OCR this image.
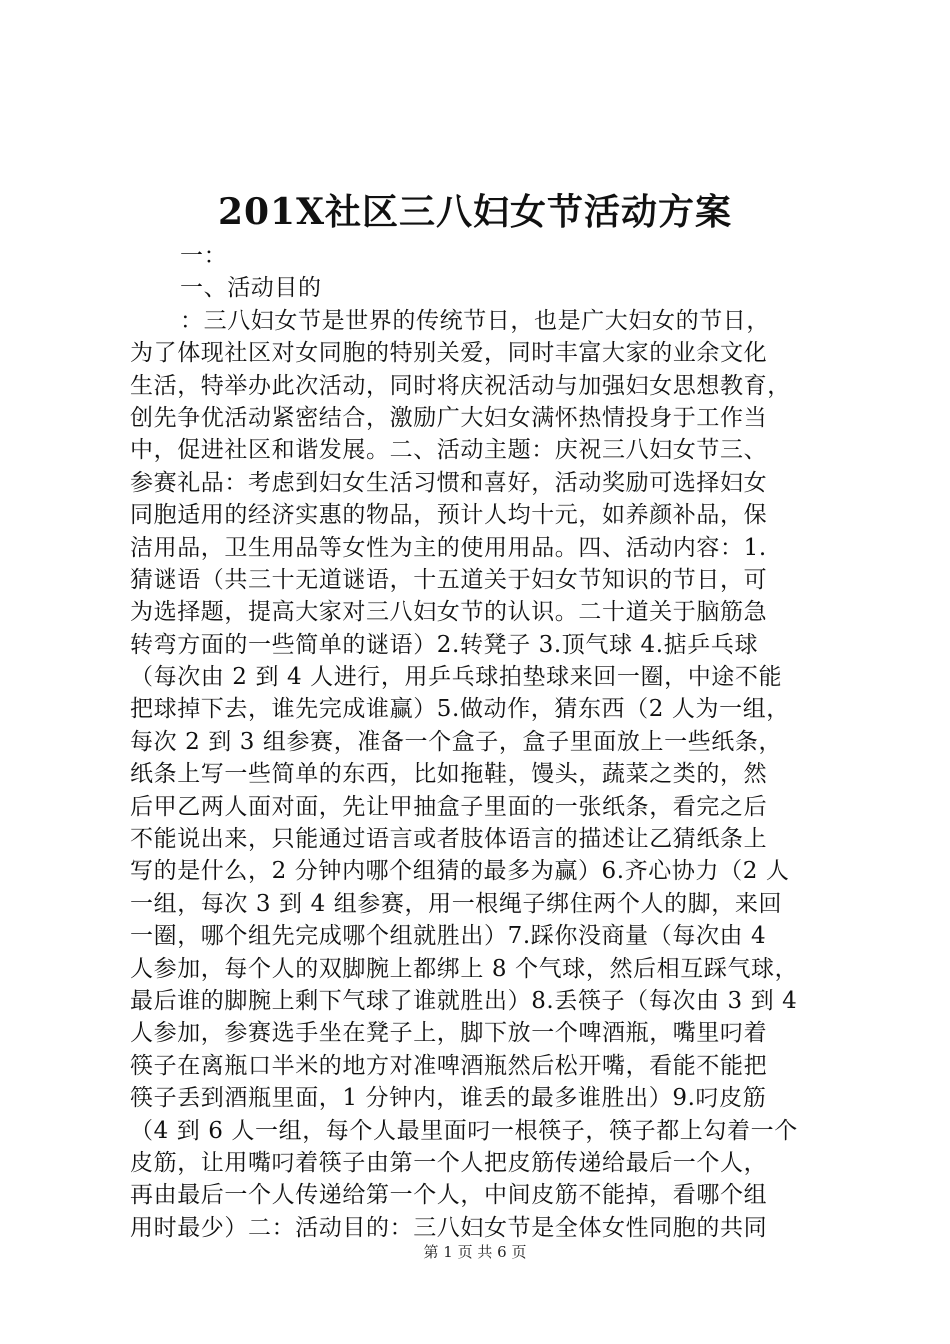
201X社区三八妇女节活动方案
一：
一、活动目的
：三八妇女节是世界的传统节日，也是广大妇女的节日，
为了体现社区对女同胞的特别关爱，同时丰富大家的业余文化
生活，特举办此次活动，同时将庆祝活动与加强妇女思想教育，
创先争优活动紧密结合，激励广大妇女满怀热情投身于工作当
中，促进社区和谐发展。二、活动主题：庆祝三八妇女节三、
参赛礼品：考虑到妇女生活习惯和喜好，活动奖励可选择妇女
同胞适用的经济实惠的物品，预计人均十元，如养颜补品，保
洁用品，卫生用品等女性为主的使用用品。四、活动内容：1.
猜谜语（共三十无道谜语，十五道关于妇女节知识的节日，可
为选择题，提高大家对三八妇女节的认识。二十道关于脑筋急
转弯方面的一些简单的谜语）2.转凳子 3.顶气球 4.掂乒乓球
（每次由 2 到 4 人进行，用乒乓球拍垫球来回一圈，中途不能
把球掉下去，谁先完成谁赢）5.做动作，猜东西（2 人为一组，
每次 2 到 3 组参赛，准备一个盒子，盒子里面放上一些纸条，
纸条上写一些简单的东西，比如拖鞋，馒头，蔬菜之类的，然
后甲乙两人面对面，先让甲抽盒子里面的一张纸条，看完之后
不能说出来，只能通过语言或者肢体语言的描述让乙猜纸条上
写的是什么，2 分钟内哪个组猜的最多为赢）6.齐心协力（2 人
一组，每次 3 到 4 组参赛，用一根绳子绑住两个人的脚，来回
一圈，哪个组先完成哪个组就胜出）7.踩你没商量（每次由 4
人参加，每个人的双脚腕上都绑上 8 个气球，然后相互踩气球，
最后谁的脚腕上剩下气球了谁就胜出）8.丢筷子（每次由 3 到 4
人参加，参赛选手坐在凳子上，脚下放一个啤酒瓶，嘴里叼着
筷子在离瓶口半米的地方对准啤酒瓶然后松开嘴，看能不能把
筷子丢到酒瓶里面，1 分钟内，谁丢的最多谁胜出）9.叼皮筋
（4 到 6 人一组，每个人最里面叼一根筷子，筷子都上勾着一个
皮筋，让用嘴叼着筷子由第一个人把皮筋传递给最后一个人，
再由最后一个人传递给第一个人，中间皮筋不能掉，看哪个组
用时最少）二：活动目的：三八妇女节是全体女性同胞的共同
第 1 页 共 6 页
